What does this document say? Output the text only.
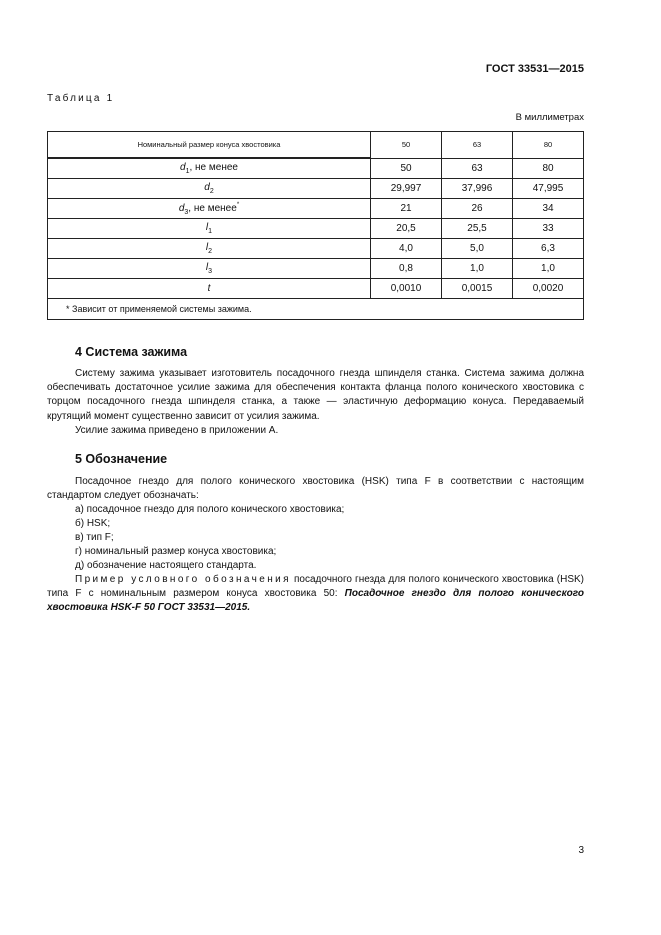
ГОСТ 33531—2015
Таблица 1
В миллиметрах
Номинальный размер конуса хвостовика	50	63	80
$d_1$, не менее	50	63	80
$d_2$	29,997	37,996	47,995
$d_3$, не менее*	21	26	34
$l_1$	20,5	25,5	33
$l_2$	4,0	5,0	6,3
$l_3$	0,8	1,0	1,0
t	0,0010	0,0015	0,0020
* Зависит от применяемой системы зажима.			
4 Система зажима
Систему зажима указывает изготовитель посадочного гнезда шпинделя станка. Система зажима должна обеспечивать достаточное усилие зажима для обеспечения контакта фланца полого конического хвостовика с торцом посадочного гнезда шпинделя станка, а также — эластичную деформацию конуса. Передаваемый крутящий момент существенно зависит от усилия зажима.
Усилие зажима приведено в приложении А.
5 Обозначение
Посадочное гнездо для полого конического хвостовика (HSK) типа F в соответствии с настоящим стандартом следует обозначать:
а) посадочное гнездо для полого конического хвостовика;
б) HSK;
в) тип F;
г) номинальный размер конуса хвостовика;
д) обозначение настоящего стандарта.
Пример условного обозначения посадочного гнезда для полого конического хвостовика (HSK) типа F с номинальным размером конуса хвостовика 50: Посадочное гнездо для полого конического хвостовика HSK-F 50 ГОСТ 33531—2015.
3
